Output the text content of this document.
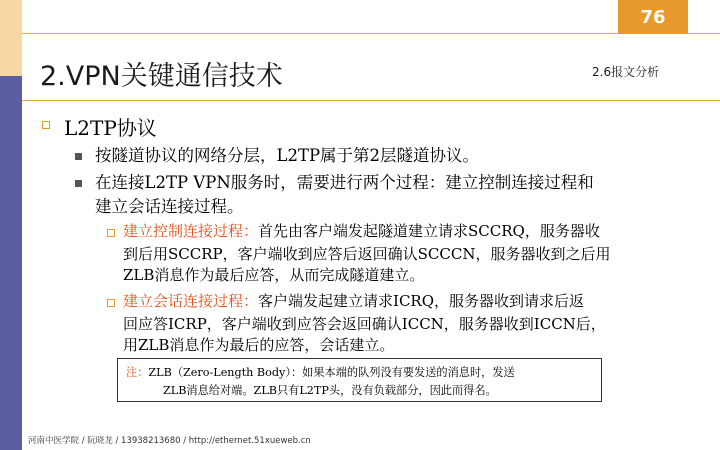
76
2.VPN关键通信技术	2.6报文分析
L2TP协议
按隧道协议的网络分层，L2TP属于第2层隧道协议。
在连接L2TP VPN服务时，需要进行两个过程：建立控制连接过程和
建立会话连接过程。
建立控制连接过程：首先由客户端发起隧道建立请求SCCRQ，服务器收
到后用SCCRP，客户端收到应答后返回确认SCCCN，服务器收到之后用
ZLB消息作为最后应答，从而完成隧道建立。
建立会话连接过程：客户端发起建立请求ICRQ，服务器收到请求后返
回应答ICRP，客户端收到应答会返回确认ICCN，服务器收到ICCN后，
用ZLB消息作为最后的应答，会话建立。
注：ZLB（Zero-Length Body）：如果本端的队列没有要发送的消息时，发送
ZLB消息给对端。ZLB只有L2TP头，没有负载部分，因此而得名。
河南中医学院 / 阮晓龙 / 13938213680 / http://ethernet.51xueweb.cn
